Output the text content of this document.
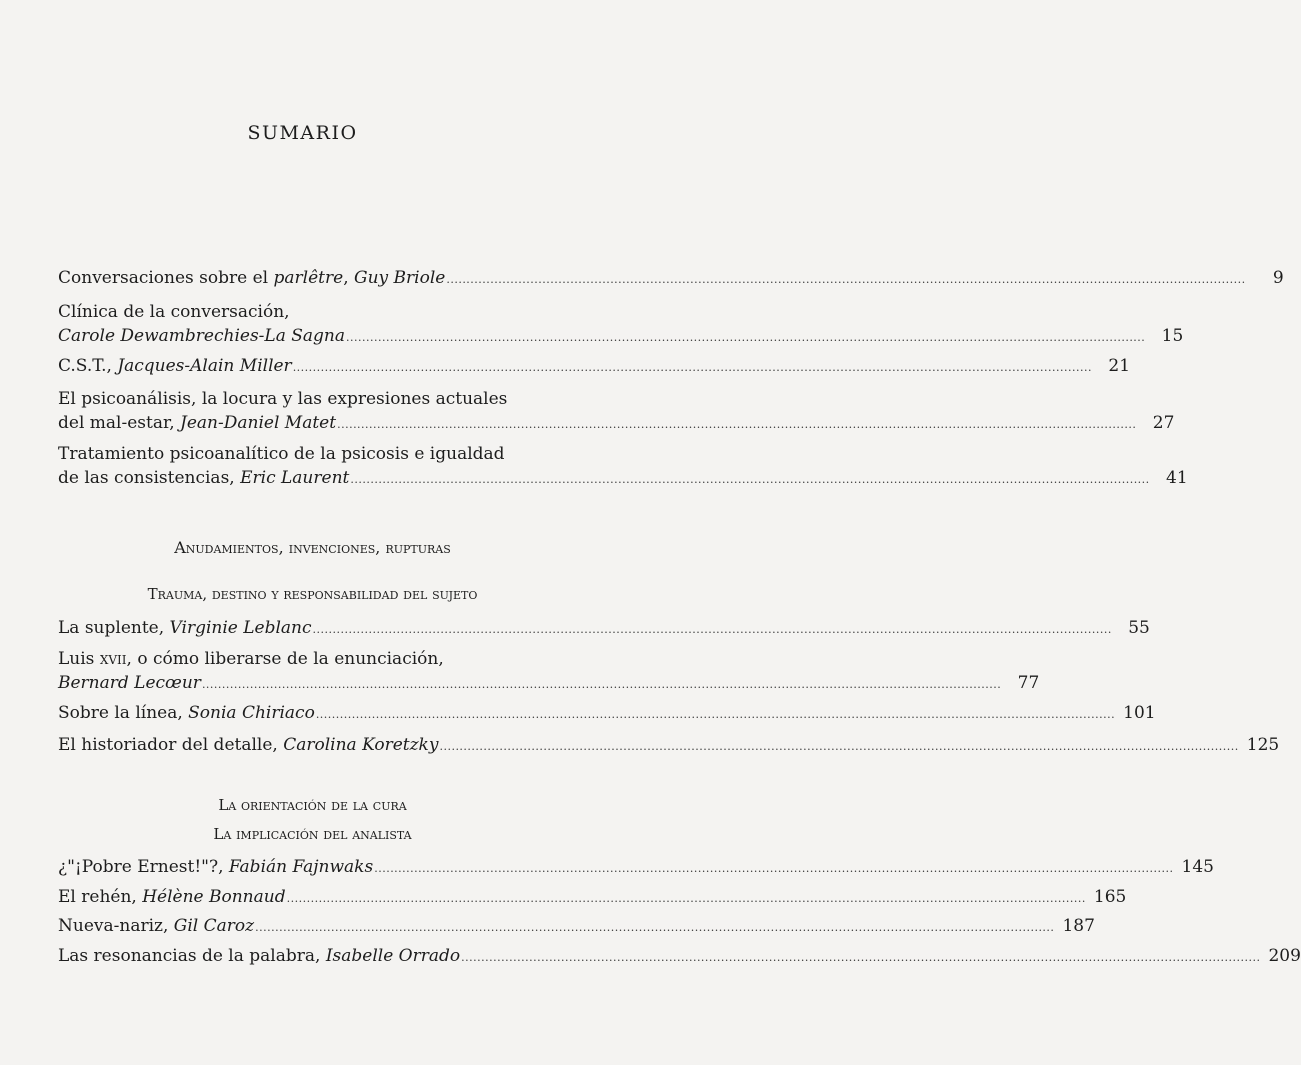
SUMARIO
Conversaciones sobre el parlêtre, Guy Briole ........................................................................................................................................................................................................	9
Clínica de la conversación,
Carole Dewambrechies-La Sagna ........................................................................................................................................................................................................ 15
C.S.T., Jacques-Alain Miller ........................................................................................................................................................................................................ 21
El psicoanálisis, la locura y las expresiones actuales
del mal-estar, Jean-Daniel Matet ........................................................................................................................................................................................................ 27
Tratamiento psicoanalítico de la psicosis e igualdad
de las consistencias, Eric Laurent ........................................................................................................................................................................................................ 41
Anudamientos, invenciones, rupturas
Trauma, destino y responsabilidad del sujeto
La suplente, Virginie Leblanc ........................................................................................................................................................................................................ 55
Luis xvii, o cómo liberarse de la enunciación,
Bernard Lecœur ........................................................................................................................................................................................................ 77
Sobre la línea, Sonia Chiriaco ........................................................................................................................................................................................................ 101
El historiador del detalle, Carolina Koretzky ........................................................................................................................................................................................................ 125
La orientación de la cura
La implicación del analista
¿"¡Pobre Ernest!"?, Fabián Fajnwaks ........................................................................................................................................................................................................ 145
El rehén, Hélène Bonnaud ........................................................................................................................................................................................................ 165
Nueva-nariz, Gil Caroz ........................................................................................................................................................................................................ 187
Las resonancias de la palabra, Isabelle Orrado ........................................................................................................................................................................................................ 209
